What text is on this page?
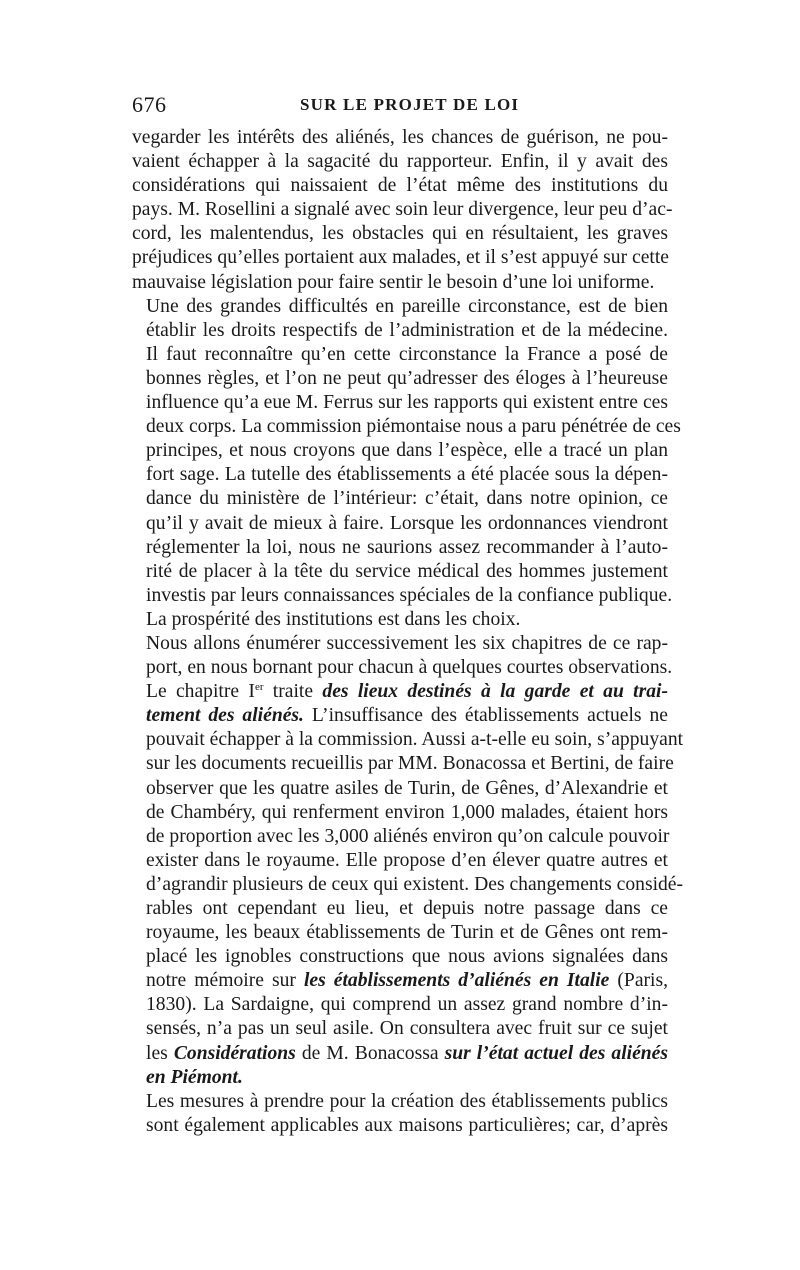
676	SUR LE PROJET DE LOI

vegarder les intérêts des aliénés, les chances de guérison, ne pou-
vaient échapper à la sagacité du rapporteur. Enfin, il y avait des
considérations qui naissaient de l’état même des institutions du
pays. M. Rosellini a signalé avec soin leur divergence, leur peu d’ac-
cord, les malentendus, les obstacles qui en résultaient, les graves
préjudices qu’elles portaient aux malades, et il s’est appuyé sur cette
mauvaise législation pour faire sentir le besoin d’une loi uniforme.

Une des grandes difficultés en pareille circonstance, est de bien
établir les droits respectifs de l’administration et de la médecine.
Il faut reconnaître qu’en cette circonstance la France a posé de
bonnes règles, et l’on ne peut qu’adresser des éloges à l’heureuse
influence qu’a eue M. Ferrus sur les rapports qui existent entre ces
deux corps. La commission piémontaise nous a paru pénétrée de ces
principes, et nous croyons que dans l’espèce, elle a tracé un plan
fort sage. La tutelle des établissements a été placée sous la dépen-
dance du ministère de l’intérieur: c’était, dans notre opinion, ce
qu’il y avait de mieux à faire. Lorsque les ordonnances viendront
réglementer la loi, nous ne saurions assez recommander à l’auto-
rité de placer à la tête du service médical des hommes justement
investis par leurs connaissances spéciales de la confiance publique.
La prospérité des institutions est dans les choix.

Nous allons énumérer successivement les six chapitres de ce rap-
port, en nous bornant pour chacun à quelques courtes observations.

Le chapitre Ier traite des lieux destinés à la garde et au trai-
tement des aliénés. L’insuffisance des établissements actuels ne
pouvait échapper à la commission. Aussi a-t-elle eu soin, s’appuyant
sur les documents recueillis par MM. Bonacossa et Bertini, de faire
observer que les quatre asiles de Turin, de Gênes, d’Alexandrie et
de Chambéry, qui renferment environ 1,000 malades, étaient hors
de proportion avec les 3,000 aliénés environ qu’on calcule pouvoir
exister dans le royaume. Elle propose d’en élever quatre autres et
d’agrandir plusieurs de ceux qui existent. Des changements considé-
rables ont cependant eu lieu, et depuis notre passage dans ce
royaume, les beaux établissements de Turin et de Gênes ont rem-
placé les ignobles constructions que nous avions signalées dans
notre mémoire sur les établissements d’aliénés en Italie (Paris,
1830). La Sardaigne, qui comprend un assez grand nombre d’in-
sensés, n’a pas un seul asile. On consultera avec fruit sur ce sujet
les Considérations de M. Bonacossa sur l’état actuel des aliénés
en Piémont.

Les mesures à prendre pour la création des établissements publics
sont également applicables aux maisons particulières; car, d’après
